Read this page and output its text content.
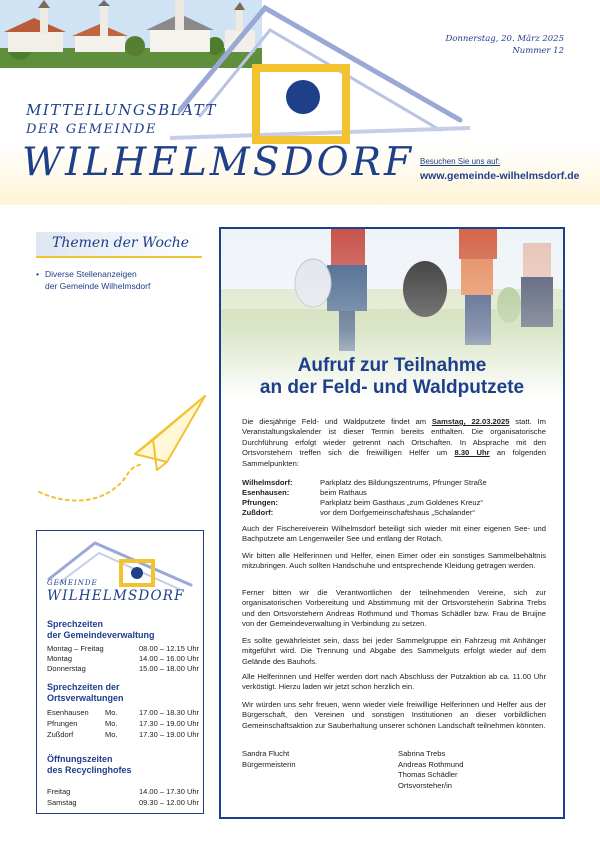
Donnerstag, 20. März 2025
Nummer 12
MITTEILUNGSBLATT
DER GEMEINDE
WILHELMSDORF Besuchen Sie uns auf:
www.gemeinde-wilhelmsdorf.de
Themen der Woche
• Diverse Stellenanzeigen
der Gemeinde Wilhelmsdorf
GEMEINDE
WILHELMSDORF
Sprechzeiten
der Gemeindeverwaltung
Montag – Freitag	08.00 – 12.15 Uhr
Montag	14.00 – 16.00 Uhr
Donnerstag	15.00 – 18.00 Uhr
Sprechzeiten der
Ortsverwaltungen
Esenhausen Mo.	17.00 – 18.30 Uhr
Pfrungen	Mo.	17.30 – 19.00 Uhr
Zußdorf	Mo.	17.30 – 19.00 Uhr
Öffnungszeiten
des Recyclinghofes
Freitag	14.00 – 17.30 Uhr
Samstag	09.30 – 12.00 Uhr
Aufruf zur Teilnahme
an der Feld- und Waldputzete
Die diesjährige Feld- und Waldputzete findet am Samstag, 22.03.2025 statt. Im Veranstaltungskalender ist dieser Termin bereits enthalten. Die organisatorische Durchführung erfolgt wieder getrennt nach Ortschaften. In Absprache mit den Ortsvorstehern treffen sich die freiwilligen Helfer um 8.30 Uhr an folgenden Sammelpunkten:
Wilhelmsdorf:	Parkplatz des Bildungszentrums, Pfrunger Straße
Esenhausen:	beim Rathaus
Pfrungen:	Parkplatz beim Gasthaus „zum Goldenes Kreuz“
Zußdorf:	vor dem Dorfgemeinschaftshaus „Schalander“
Auch der Fischereiverein Wilhelmsdorf beteiligt sich wieder mit einer eigenen See- und Bachputzete am Lengenweiler See und entlang der Rotach.
Wir bitten alle Helferinnen und Helfer, einen Eimer oder ein sonstiges Sammelbehältnis mitzubringen. Auch sollten Handschuhe und entsprechende Kleidung getragen werden.
Ferner bitten wir die Verantwortlichen der teilnehmenden Vereine, sich zur organisatorischen Vorbereitung und Abstimmung mit der Ortsvorsteherin Sabrina Trebs und den Ortsvorstehern Andreas Rothmund und Thomas Schädler bzw. Frau de Bruijne von der Gemeindeverwaltung in Verbindung zu setzen.
Es sollte gewährleistet sein, dass bei jeder Sammelgruppe ein Fahrzeug mit Anhänger mitgeführt wird. Die Trennung und Abgabe des Sammelguts erfolgt wieder auf dem Gelände des Bauhofs.
Alle Helferinnen und Helfer werden dort nach Abschluss der Putzaktion ab ca. 11.00 Uhr verköstigt. Hierzu laden wir jetzt schon herzlich ein.
Wir würden uns sehr freuen, wenn wieder viele freiwillige Helferinnen und Helfer aus der Bürgerschaft, den Vereinen und sonstigen Institutionen an dieser vorbildlichen Gemeinschaftsaktion zur Sauberhaltung unserer schönen Landschaft teilnehmen könnten.
Sandra Flucht
Bürgermeisterin
Sabrina Trebs
Andreas Rothmund
Thomas Schädler
Ortsvorsteher/in
